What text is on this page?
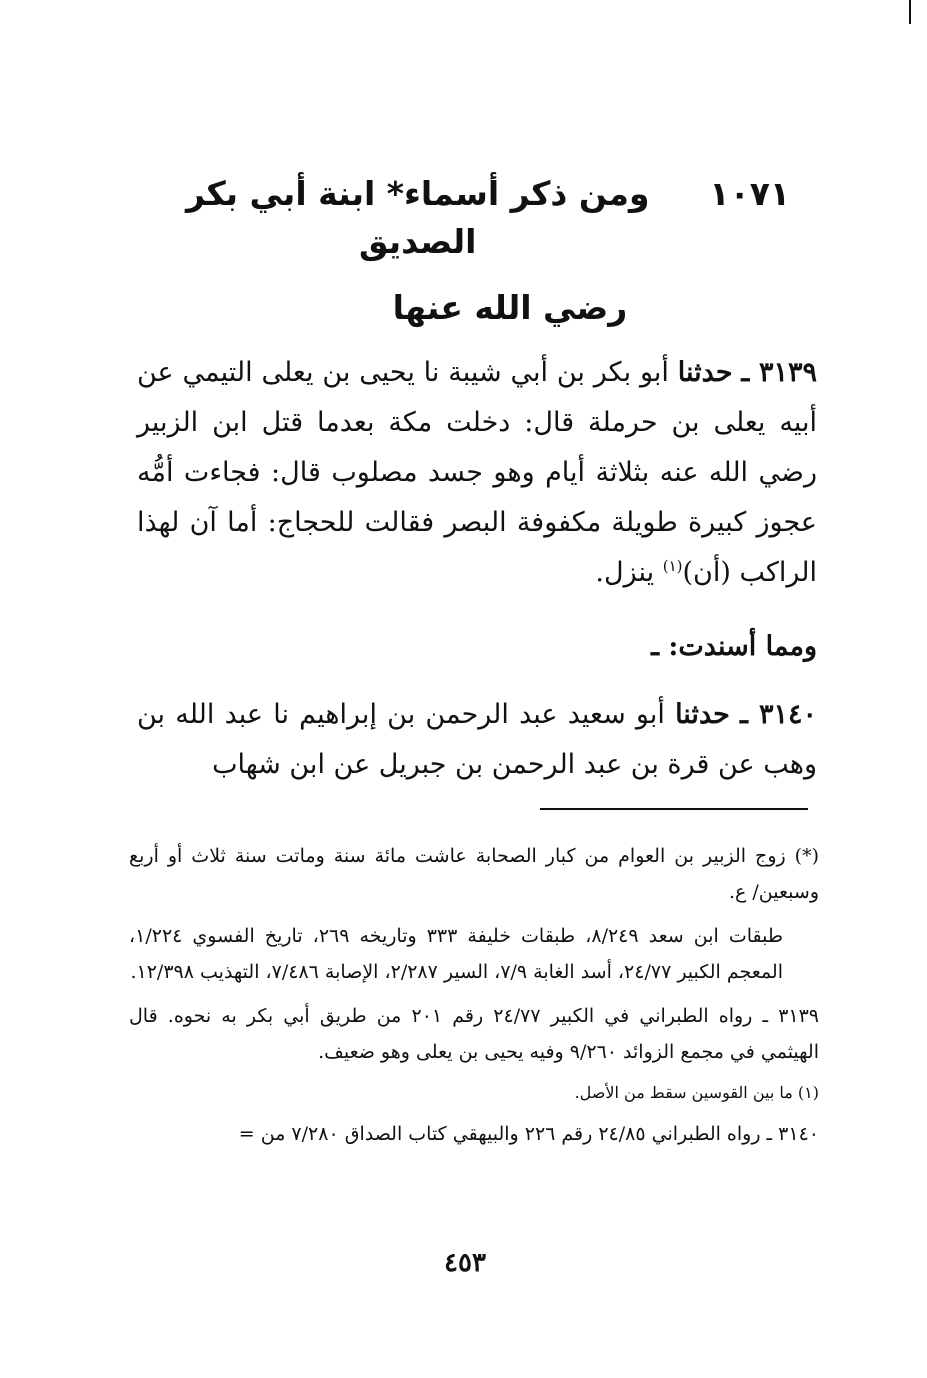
١٠٧١
ومن ذكر أسماء* ابنة أبي بكر الصديق
رضي الله عنها

٣١٣٩ ـ حدثنا أبو بكر بن أبي شيبة نا يحيى بن يعلى التيمي عن أبيه يعلى بن حرملة قال: دخلت مكة بعدما قتل ابن الزبير رضي الله عنه بثلاثة أيام وهو جسد مصلوب قال: فجاءت أمُّه عجوز كبيرة طويلة مكفوفة البصر فقالت للحجاج: أما آن لهذا الراكب (أن)$^{(١)}$ ينزل.

ومما أسندت: ـ

٣١٤٠ ـ حدثنا أبو سعيد عبد الرحمن بن إبراهيم نا عبد الله بن وهب عن قرة بن عبد الرحمن بن جبريل عن ابن شهاب

(*) زوج الزبير بن العوام من كبار الصحابة عاشت مائة سنة وماتت سنة ثلاث أو أربع وسبعين/ ع.

طبقات ابن سعد ٨/٢٤٩، طبقات خليفة ٣٣٣ وتاريخه ٢٦٩، تاريخ الفسوي ١/٢٢٤، المعجم الكبير ٢٤/٧٧، أسد الغابة ٧/٩، السير ٢/٢٨٧، الإصابة ٧/٤٨٦، التهذيب ١٢/٣٩٨.

٣١٣٩ ـ رواه الطبراني في الكبير ٢٤/٧٧ رقم ٢٠١ من طريق أبي بكر به نحوه. قال الهيثمي في مجمع الزوائد ٩/٢٦٠ وفيه يحيى بن يعلى وهو ضعيف.

(١) ما بين القوسين سقط من الأصل.

٣١٤٠ ـ رواه الطبراني ٢٤/٨٥ رقم ٢٢٦ والبيهقي كتاب الصداق ٧/٢٨٠ من =

٤٥٣
